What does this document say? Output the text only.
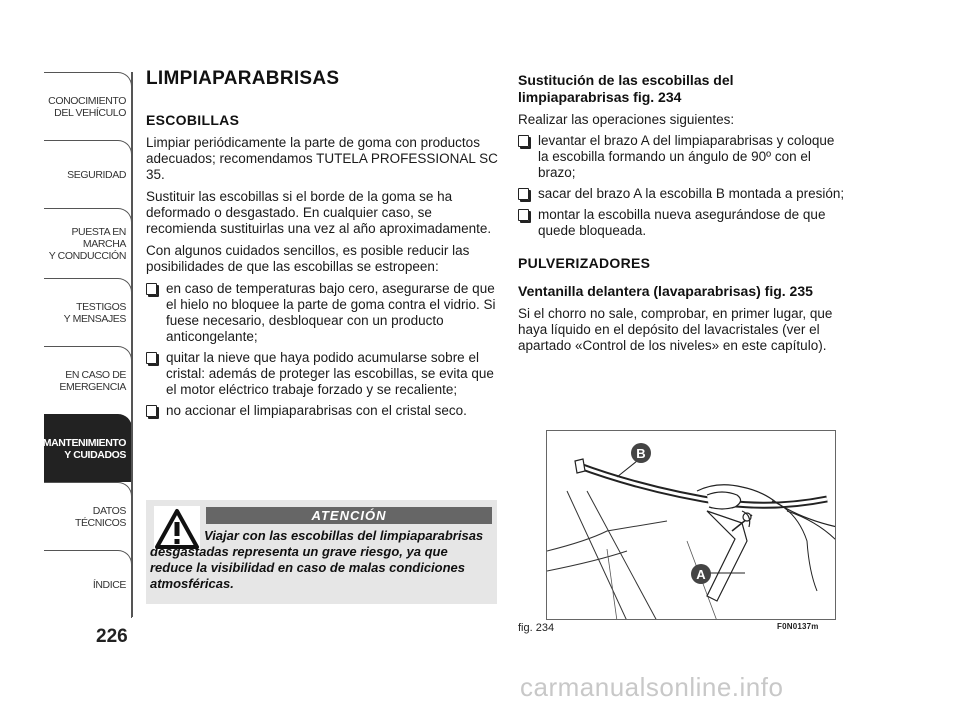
CONOCIMIENTO
DEL VEHÍCULO
SEGURIDAD
PUESTA EN
MARCHA
Y CONDUCCIÓN
TESTIGOS
Y MENSAJES
EN CASO DE
EMERGENCIA
MANTENIMIENTO
Y CUIDADOS
DATOS
TÉCNICOS
ÍNDICE
226
LIMPIAPARABRISAS
ESCOBILLAS

Limpiar periódicamente la parte de goma con productos adecuados; recomendamos TUTELA PROFESSIONAL SC 35.

Sustituir las escobillas si el borde de la goma se ha deformado o desgastado. En cualquier caso, se recomienda sustituirlas una vez al año aproximadamente.

Con algunos cuidados sencillos, es posible reducir las posibilidades de que las escobillas se estropeen:

en caso de temperaturas bajo cero, asegurarse de que el hielo no bloquee la parte de goma contra el vidrio. Si fuese necesario, desbloquear con un producto anticongelante;
quitar la nieve que haya podido acumularse sobre el cristal: además de proteger las escobillas, se evita que el motor eléctrico trabaje forzado y se recaliente;
no accionar el limpiaparabrisas con el cristal seco.
ATENCIÓN
Viajar con las escobillas del limpiaparabrisas desgastadas representa un grave riesgo, ya que reduce la visibilidad en caso de malas condiciones atmosféricas.
Sustitución de las escobillas del limpiaparabrisas fig. 234

Realizar las operaciones siguientes:

levantar el brazo A del limpiaparabrisas y coloque la escobilla formando un ángulo de 90º con el brazo;
sacar del brazo A la escobilla B montada a presión;
montar la escobilla nueva asegurándose de que quede bloqueada.
PULVERIZADORES
Ventanilla delantera (lavaparabrisas) fig. 235

Si el chorro no sale, comprobar, en primer lugar, que haya líquido en el depósito del lavacristales (ver el apartado «Control de los niveles» en este capítulo).

B
A
fig. 234	F0N0137m
carmanualsonline.info
